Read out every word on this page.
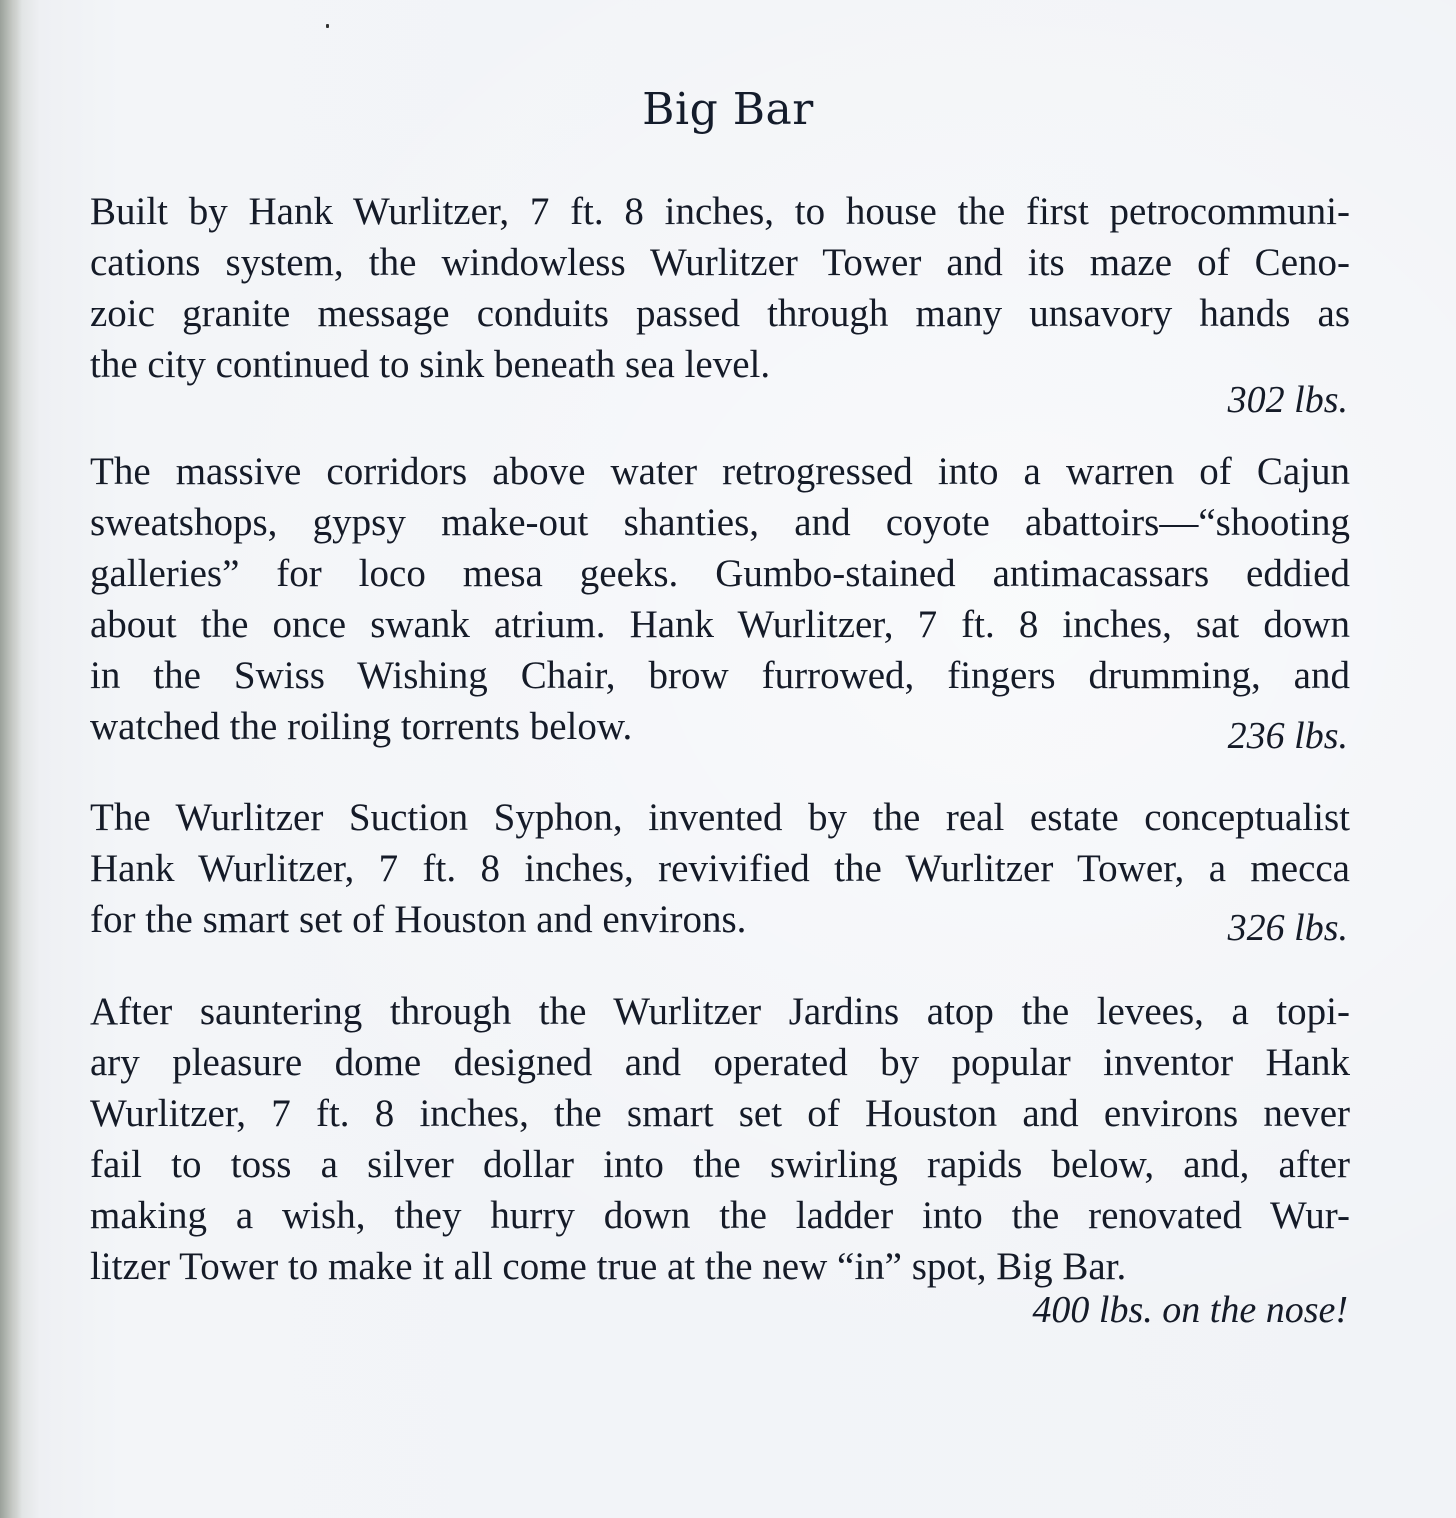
Big Bar
Built by Hank Wurlitzer, 7 ft. 8 inches, to house the first petrocommuni-
cations system, the windowless Wurlitzer Tower and its maze of Ceno-
zoic granite message conduits passed through many unsavory hands as
the city continued to sink beneath sea level.
302 lbs.
The massive corridors above water retrogressed into a warren of Cajun
sweatshops, gypsy make-out shanties, and coyote abattoirs—“shooting
galleries” for loco mesa geeks. Gumbo-stained antimacassars eddied
about the once swank atrium. Hank Wurlitzer, 7 ft. 8 inches, sat down
in the Swiss Wishing Chair, brow furrowed, fingers drumming, and
watched the roiling torrents below.	236 lbs.
The Wurlitzer Suction Syphon, invented by the real estate conceptualist
Hank Wurlitzer, 7 ft. 8 inches, revivified the Wurlitzer Tower, a mecca
for the smart set of Houston and environs.	326 lbs.
After sauntering through the Wurlitzer Jardins atop the levees, a topi-
ary pleasure dome designed and operated by popular inventor Hank
Wurlitzer, 7 ft. 8 inches, the smart set of Houston and environs never
fail to toss a silver dollar into the swirling rapids below, and, after
making a wish, they hurry down the ladder into the renovated Wur-
litzer Tower to make it all come true at the new “in” spot, Big Bar.
400 lbs. on the nose!
